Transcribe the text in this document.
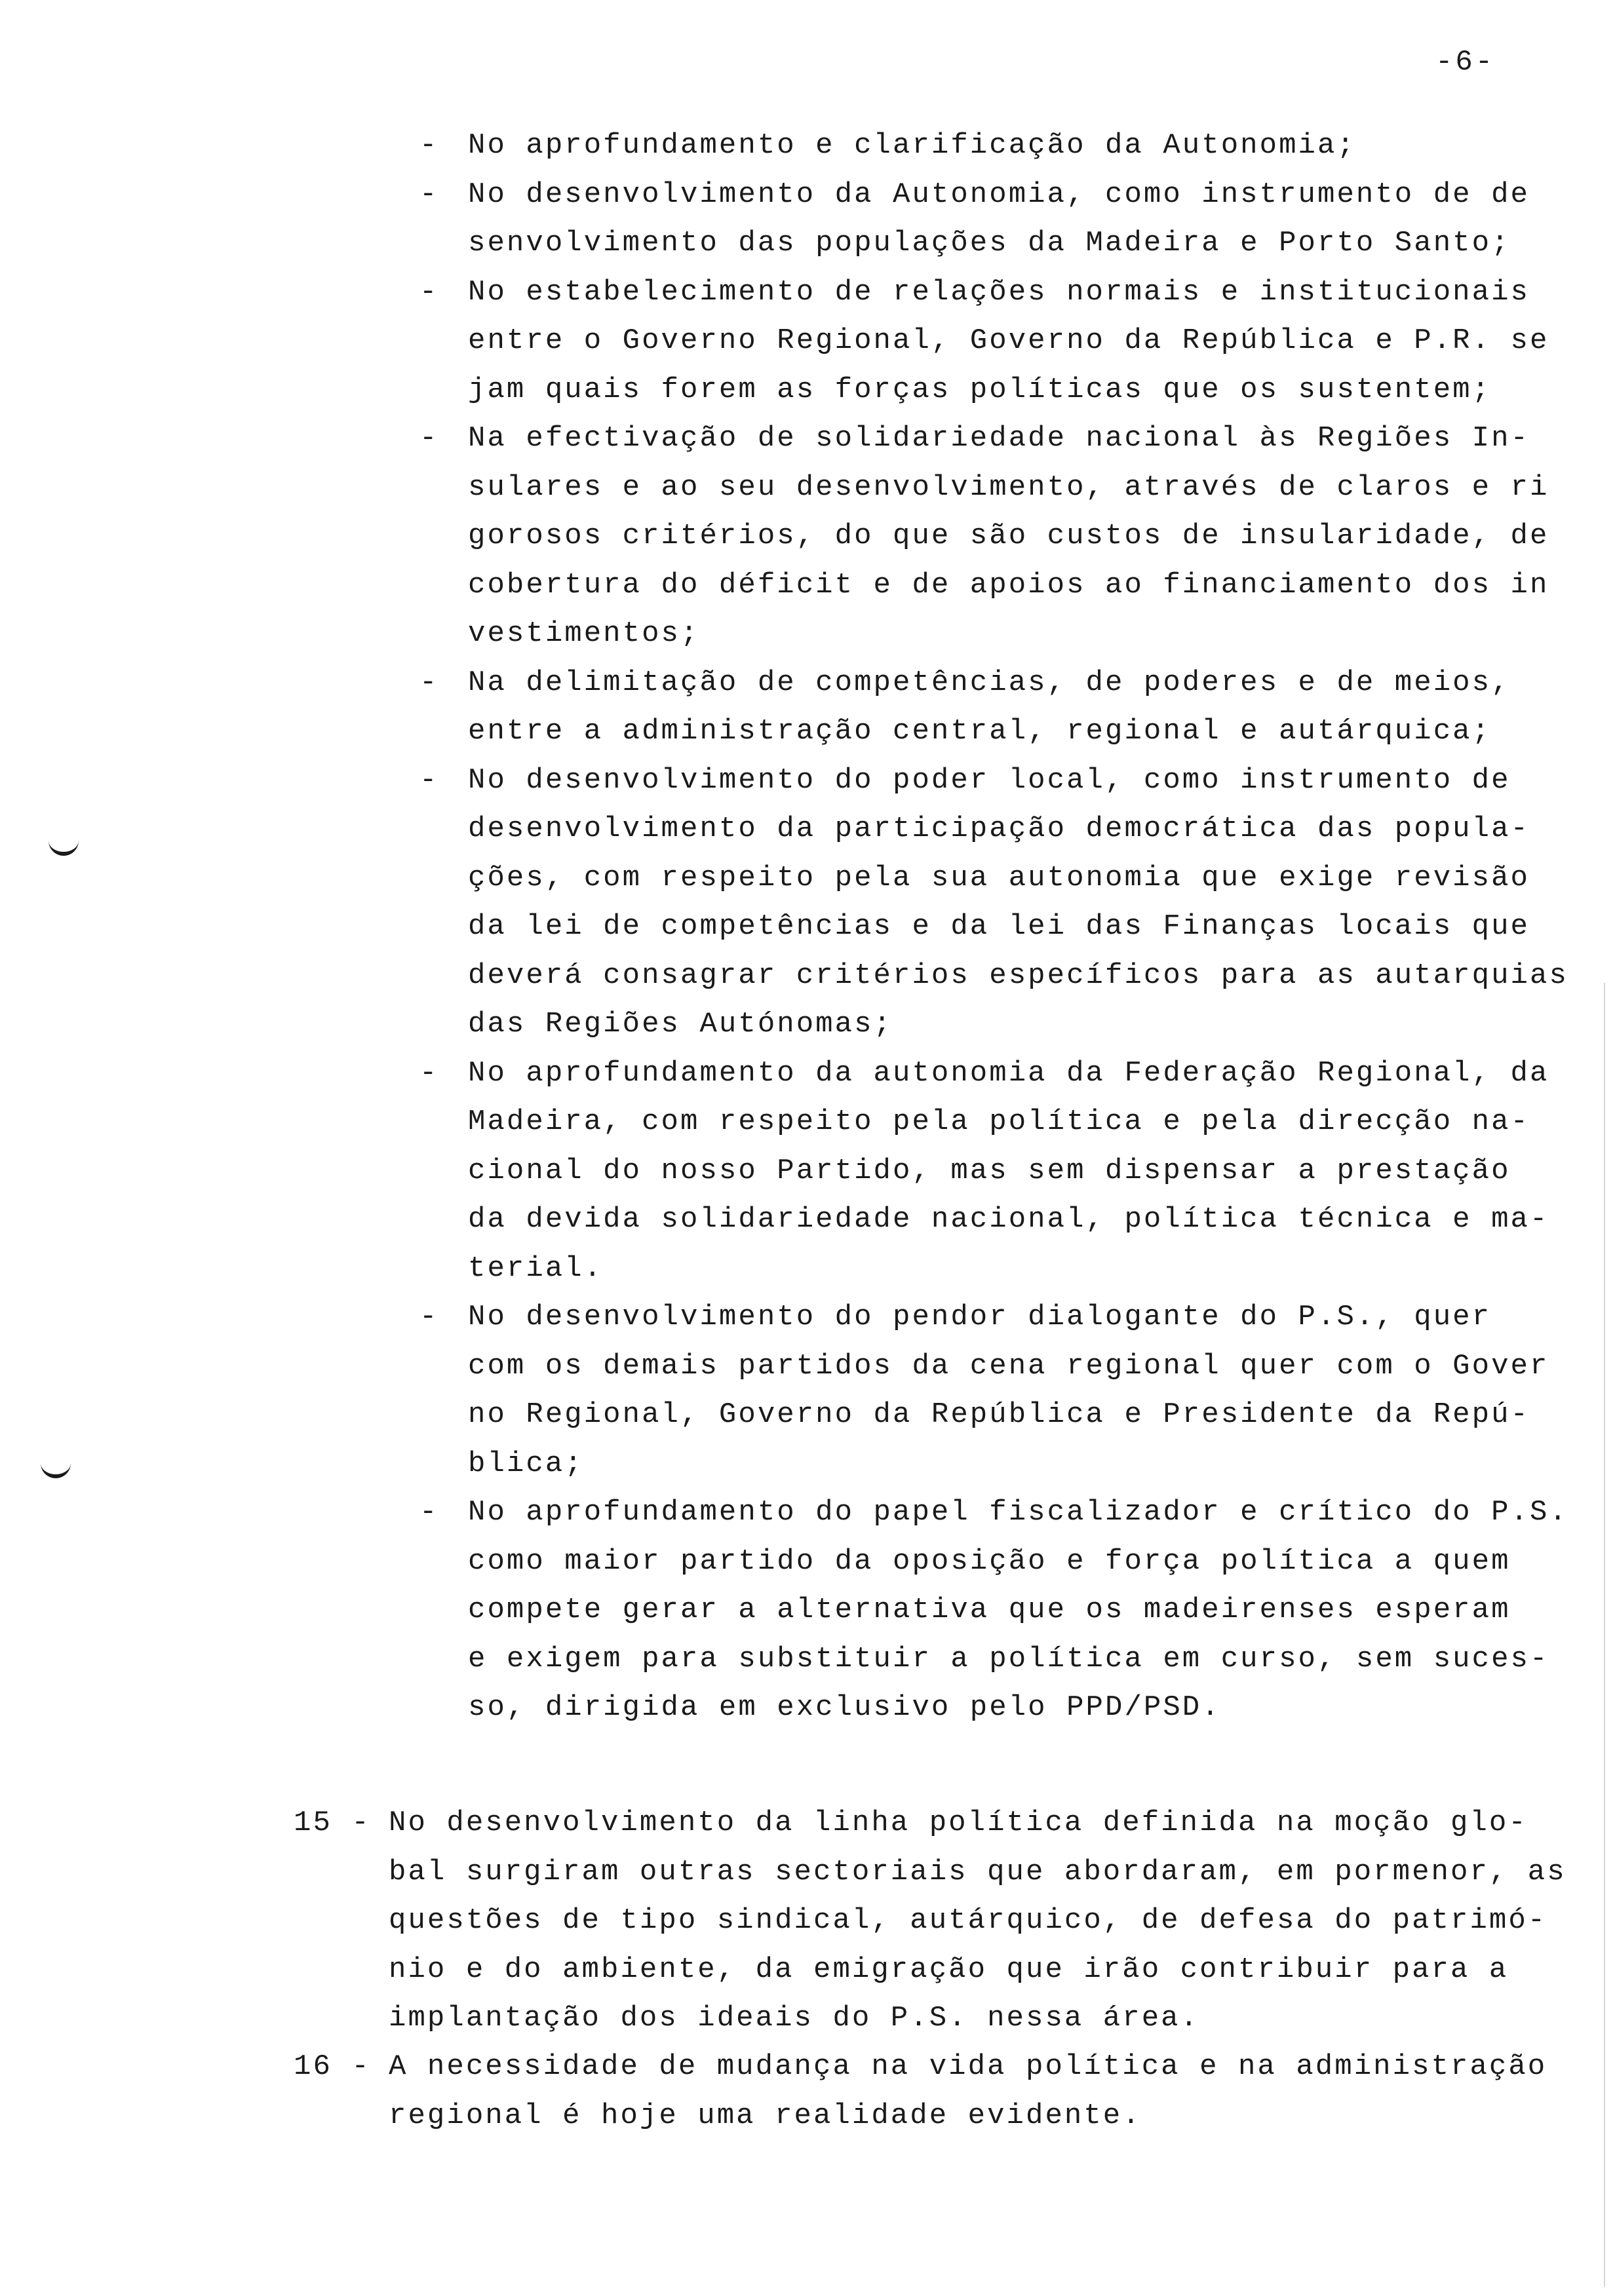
-6-
- No aprofundamento e clarificação da Autonomia;
- No desenvolvimento da Autonomia, como instrumento de de
senvolvimento das populações da Madeira e Porto Santo;
- No estabelecimento de relações normais e institucionais
entre o Governo Regional, Governo da República e P.R. se
jam quais forem as forças políticas que os sustentem;
- Na efectivação de solidariedade nacional às Regiões In-
sulares e ao seu desenvolvimento, através de claros e ri
gorosos critérios, do que são custos de insularidade, de
cobertura do déficit e de apoios ao financiamento dos in
vestimentos;
- Na delimitação de competências, de poderes e de meios,
entre a administração central, regional e autárquica;
- No desenvolvimento do poder local, como instrumento de
desenvolvimento da participação democrática das popula-
ções, com respeito pela sua autonomia que exige revisão
da lei de competências e da lei das Finanças locais que
deverá consagrar critérios específicos para as autarquias
das Regiões Autónomas;
- No aprofundamento da autonomia da Federação Regional, da
Madeira, com respeito pela política e pela direcção na-
cional do nosso Partido, mas sem dispensar a prestação
da devida solidariedade nacional, política técnica e ma-
terial.
- No desenvolvimento do pendor dialogante do P.S., quer
com os demais partidos da cena regional quer com o Gover
no Regional, Governo da República e Presidente da Repú-
blica;
- No aprofundamento do papel fiscalizador e crítico do P.S.
como maior partido da oposição e força política a quem
compete gerar a alternativa que os madeirenses esperam
e exigem para substituir a política em curso, sem suces-
so, dirigida em exclusivo pelo PPD/PSD.
15 - No desenvolvimento da linha política definida na moção glo-
bal surgiram outras sectoriais que abordaram, em pormenor, as
questões de tipo sindical, autárquico, de defesa do patrimó-
nio e do ambiente, da emigração que irão contribuir para a
implantação dos ideais do P.S. nessa área.
16 - A necessidade de mudança na vida política e na administração
regional é hoje uma realidade evidente.
